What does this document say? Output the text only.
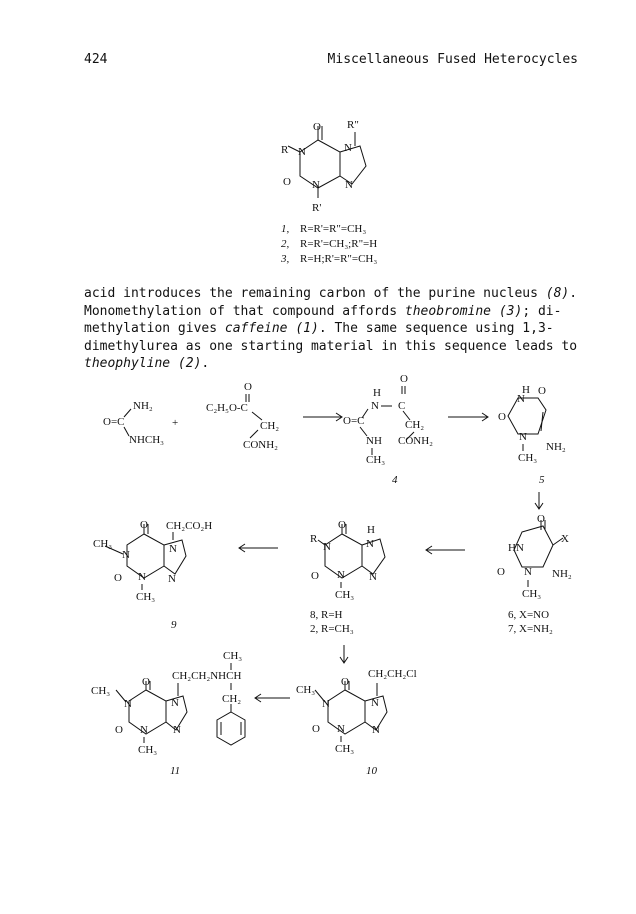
424	Miscellaneous Fused Heterocycles

acid introduces the remaining carbon of the purine nucleus (8).

Monomethylation of that compound affords theobromine (3); di-

methylation gives caffeine (1). The same sequence using 1,3-

dimethylurea as one starting material in this sequence leads to

theophyline (2).

O R"
R N	N
O N N
R'
1, R=R'=R"=CH₃
2, R=R'=CH₃;R"=H
3, R=H;R'=R"=CH₃
NH₂
O=C
NHCH₃
+
O
C₂H₅O-C
CH₂
CONH₂
H
O
N C
O=C	CH₂
NH CONH₂
CH₃
4
H O
N
O
N
NH₂
CH₃
5
O
X
HN
O N NH₂
CH₃
6, X=NO
7, X=NH₂
O H
R
N	N
O N N
CH₃
8, R=H
2, R=CH₃
CH₃
O CH₂CO₂H
N	N
O N N
CH₃
9
CH₃
O
CH₂CH₂Cl
N	N
O N N
CH₃
10
CH₃
CH₃
O CH₂CH₂NHCH
CH₂
N	N
O N N
CH₃
11
